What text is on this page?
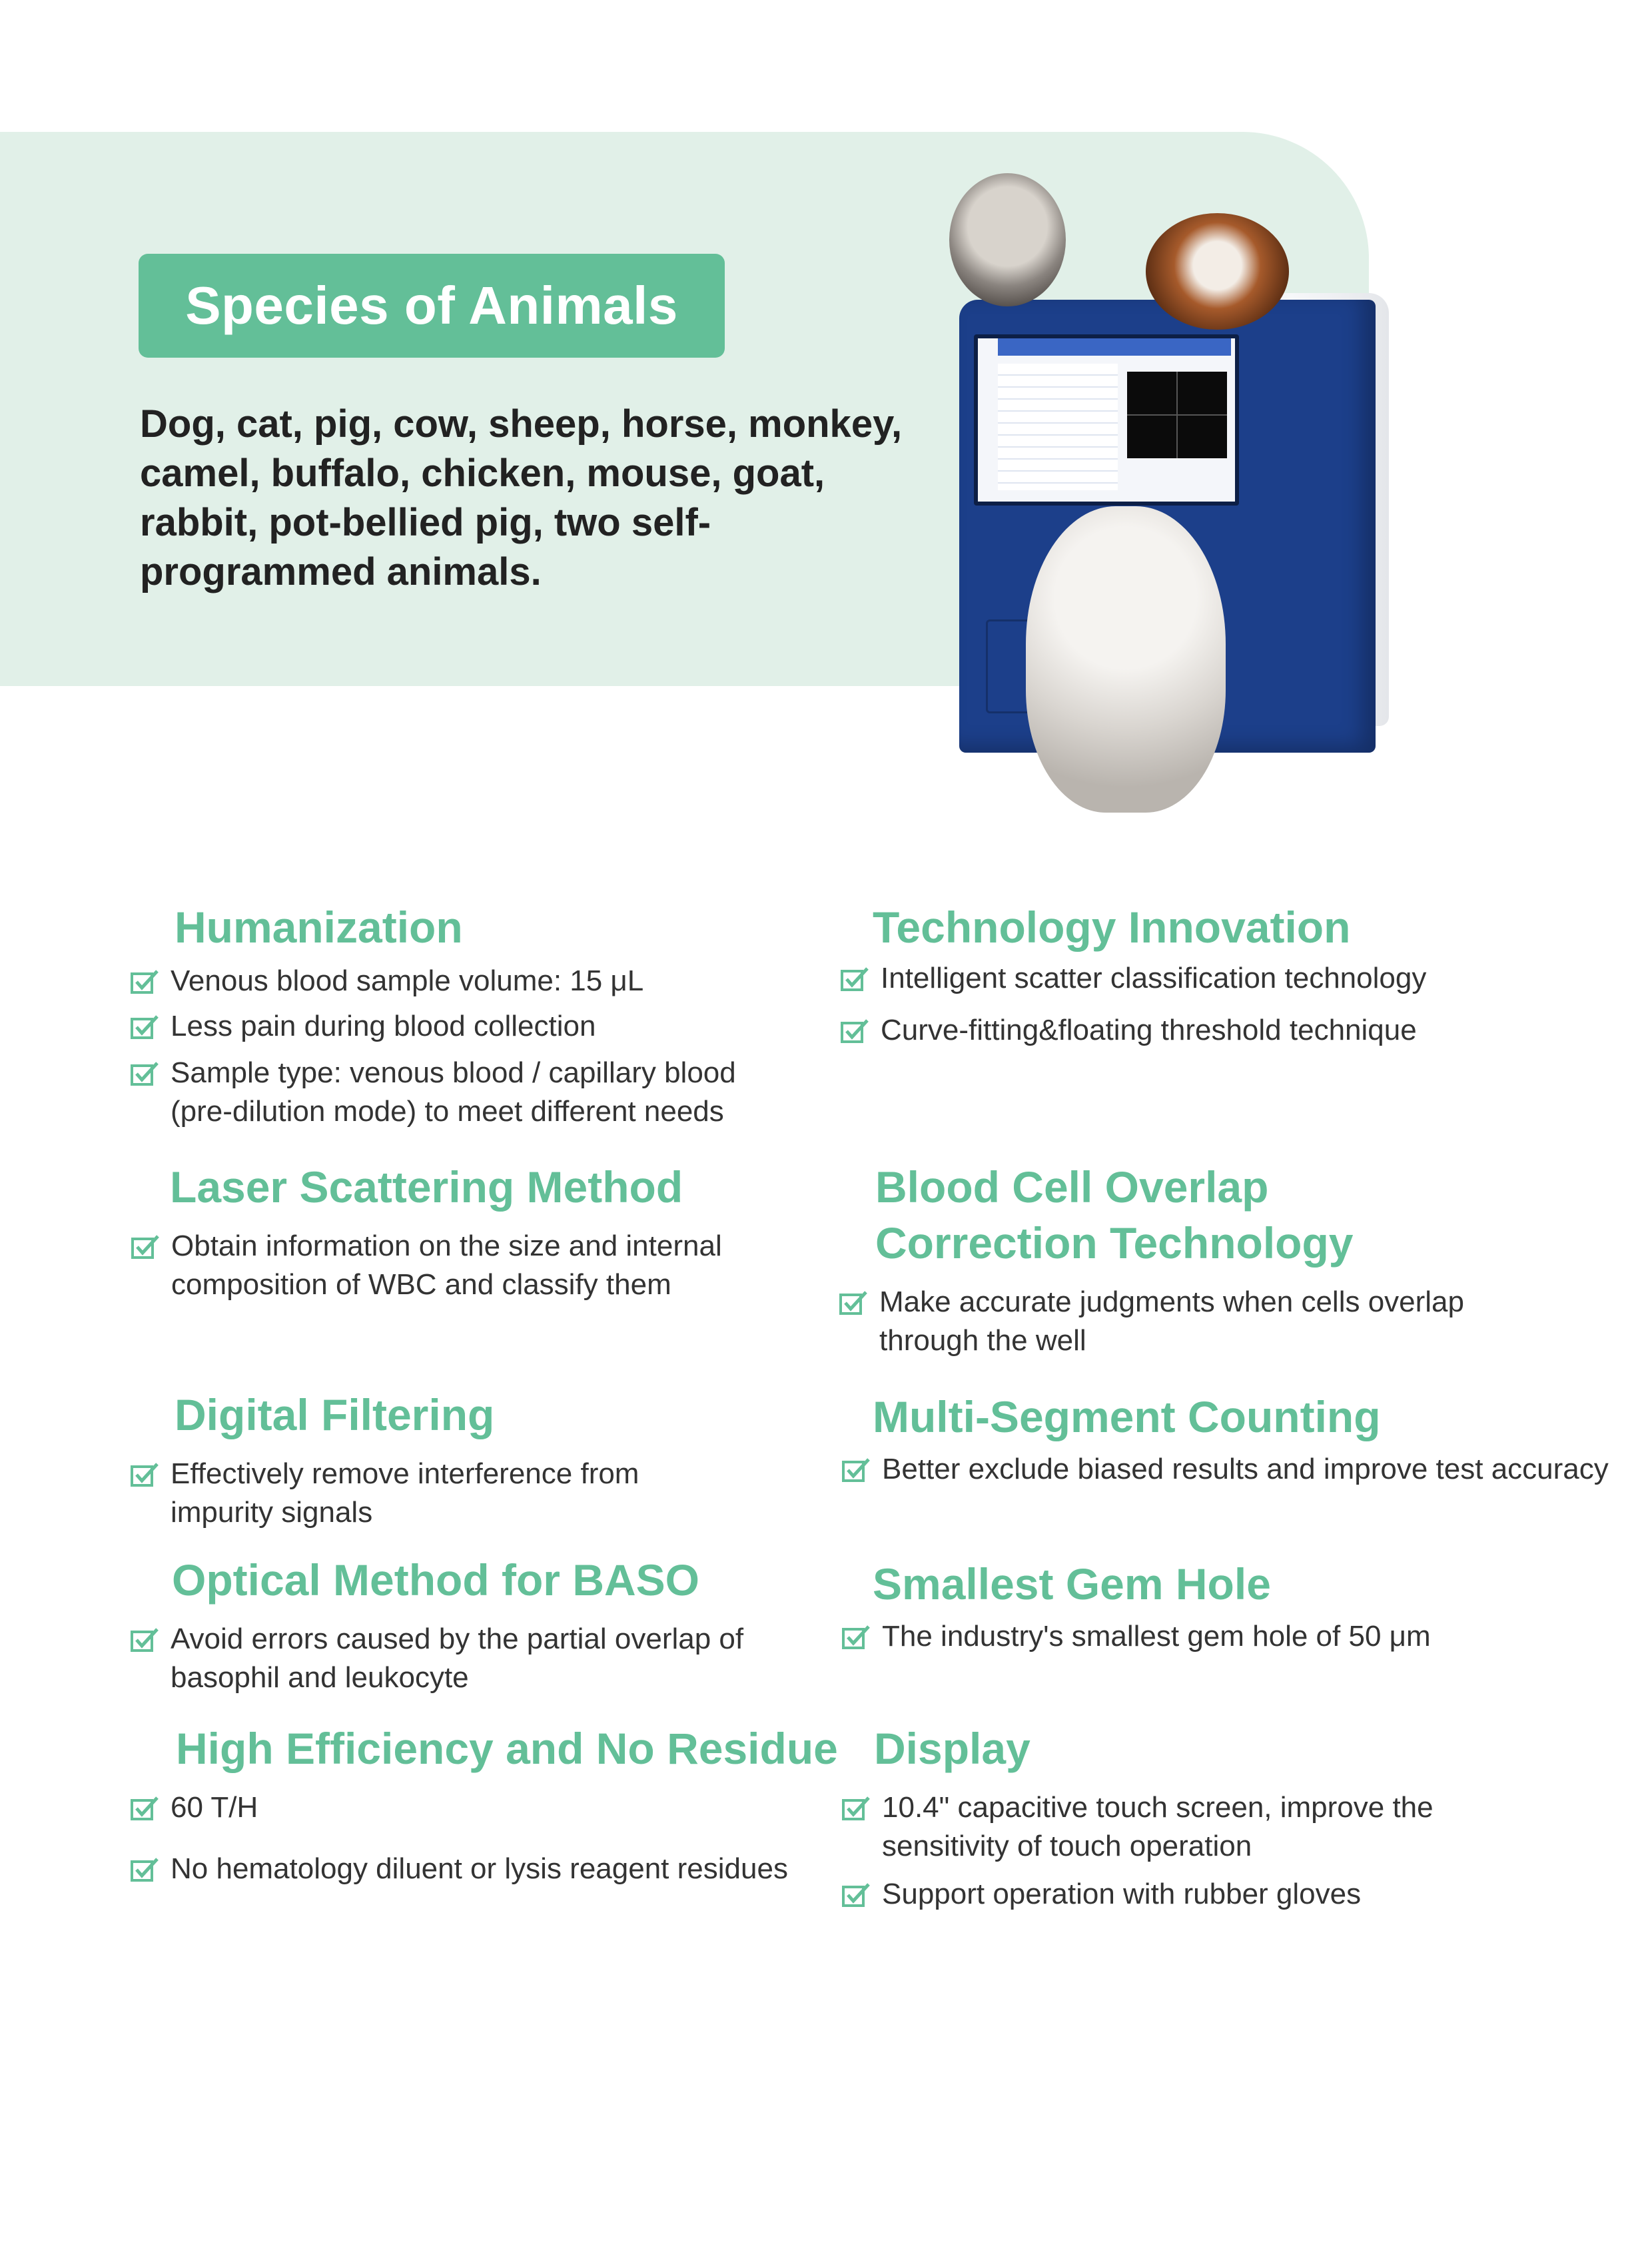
Species of Animals
Dog, cat, pig, cow, sheep, horse, monkey, camel, buffalo, chicken, mouse, goat, rabbit, pot-bellied pig, two self-programmed animals.
Humanization
Venous blood sample volume: 15 μL
Less pain during blood collection
Sample type: venous blood / capillary blood (pre-dilution mode) to meet different needs
Laser Scattering Method
Obtain information on the size and internal composition of WBC and classify them
Digital Filtering
Effectively remove interference from impurity signals
Optical Method for BASO
Avoid errors caused by the partial overlap of basophil and leukocyte
High Efficiency and No Residue
60 T/H
No hematology diluent or lysis reagent residues
Technology Innovation
Intelligent scatter classification technology
Curve-fitting&floating threshold technique
Blood Cell Overlap Correction Technology
Make accurate judgments when cells overlap through the well
Multi-Segment Counting
Better exclude biased results and improve test accuracy
Smallest Gem Hole
The industry's smallest gem hole of 50 μm
Display
10.4" capacitive touch screen, improve the sensitivity of touch operation
Support operation with rubber gloves
